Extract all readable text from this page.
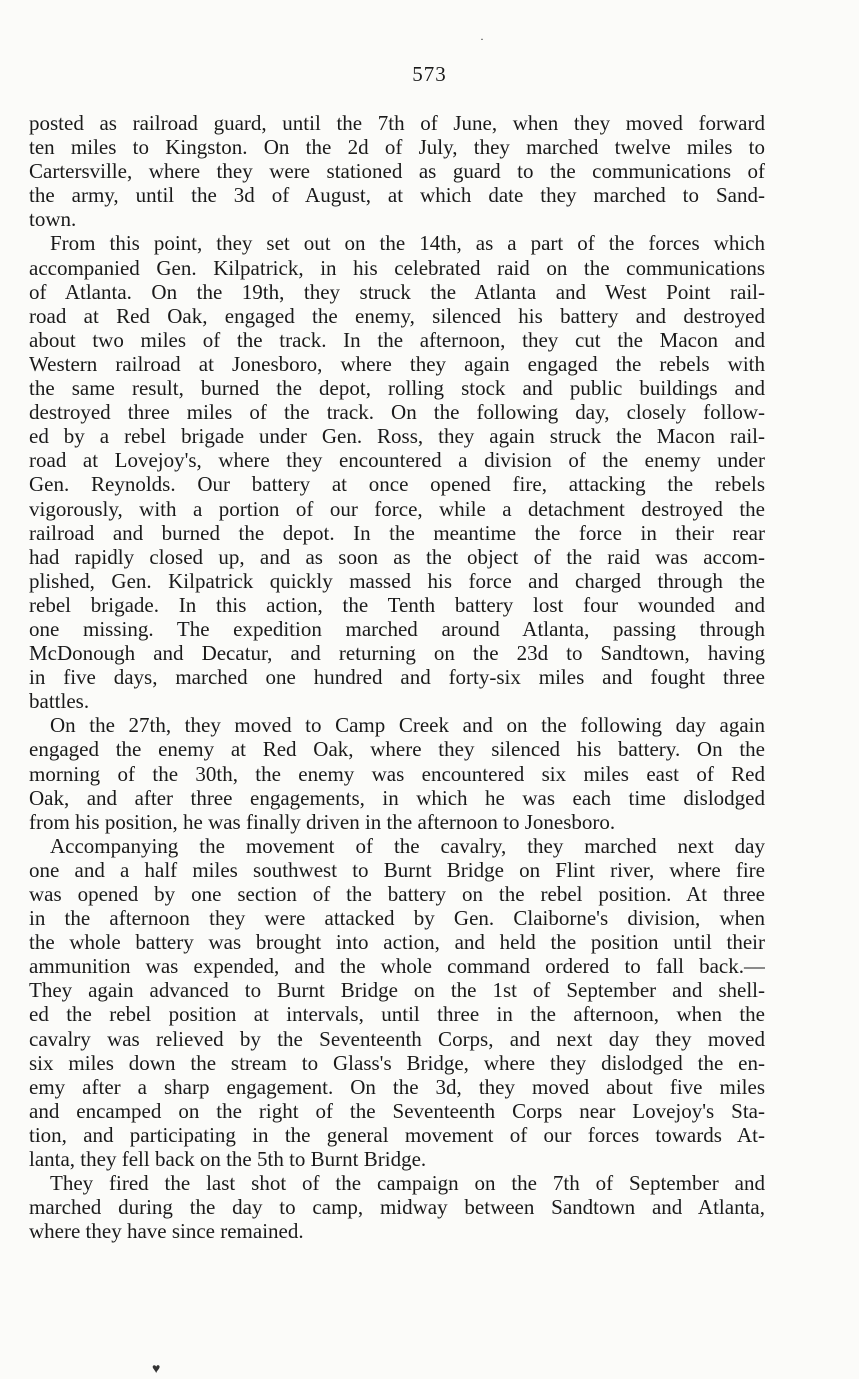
573
posted as railroad guard, until the 7th of June, when they moved forward
ten miles to Kingston. On the 2d of July, they marched twelve miles to
Cartersville, where they were stationed as guard to the communications of
the army, until the 3d of August, at which date they marched to Sand-
town.
From this point, they set out on the 14th, as a part of the forces which
accompanied Gen. Kilpatrick, in his celebrated raid on the communications
of Atlanta. On the 19th, they struck the Atlanta and West Point rail-
road at Red Oak, engaged the enemy, silenced his battery and destroyed
about two miles of the track. In the afternoon, they cut the Macon and
Western railroad at Jonesboro, where they again engaged the rebels with
the same result, burned the depot, rolling stock and public buildings and
destroyed three miles of the track. On the following day, closely follow-
ed by a rebel brigade under Gen. Ross, they again struck the Macon rail-
road at Lovejoy's, where they encountered a division of the enemy under
Gen. Reynolds. Our battery at once opened fire, attacking the rebels
vigorously, with a portion of our force, while a detachment destroyed the
railroad and burned the depot. In the meantime the force in their rear
had rapidly closed up, and as soon as the object of the raid was accom-
plished, Gen. Kilpatrick quickly massed his force and charged through the
rebel brigade. In this action, the Tenth battery lost four wounded and
one missing. The expedition marched around Atlanta, passing through
McDonough and Decatur, and returning on the 23d to Sandtown, having
in five days, marched one hundred and forty-six miles and fought three
battles.
On the 27th, they moved to Camp Creek and on the following day again
engaged the enemy at Red Oak, where they silenced his battery. On the
morning of the 30th, the enemy was encountered six miles east of Red
Oak, and after three engagements, in which he was each time dislodged
from his position, he was finally driven in the afternoon to Jonesboro.
Accompanying the movement of the cavalry, they marched next day
one and a half miles southwest to Burnt Bridge on Flint river, where fire
was opened by one section of the battery on the rebel position. At three
in the afternoon they were attacked by Gen. Claiborne's division, when
the whole battery was brought into action, and held the position until their
ammunition was expended, and the whole command ordered to fall back.—
They again advanced to Burnt Bridge on the 1st of September and shell-
ed the rebel position at intervals, until three in the afternoon, when the
cavalry was relieved by the Seventeenth Corps, and next day they moved
six miles down the stream to Glass's Bridge, where they dislodged the en-
emy after a sharp engagement. On the 3d, they moved about five miles
and encamped on the right of the Seventeenth Corps near Lovejoy's Sta-
tion, and participating in the general movement of our forces towards At-
lanta, they fell back on the 5th to Burnt Bridge.
They fired the last shot of the campaign on the 7th of September and
marched during the day to camp, midway between Sandtown and Atlanta,
where they have since remained.
·
♥
